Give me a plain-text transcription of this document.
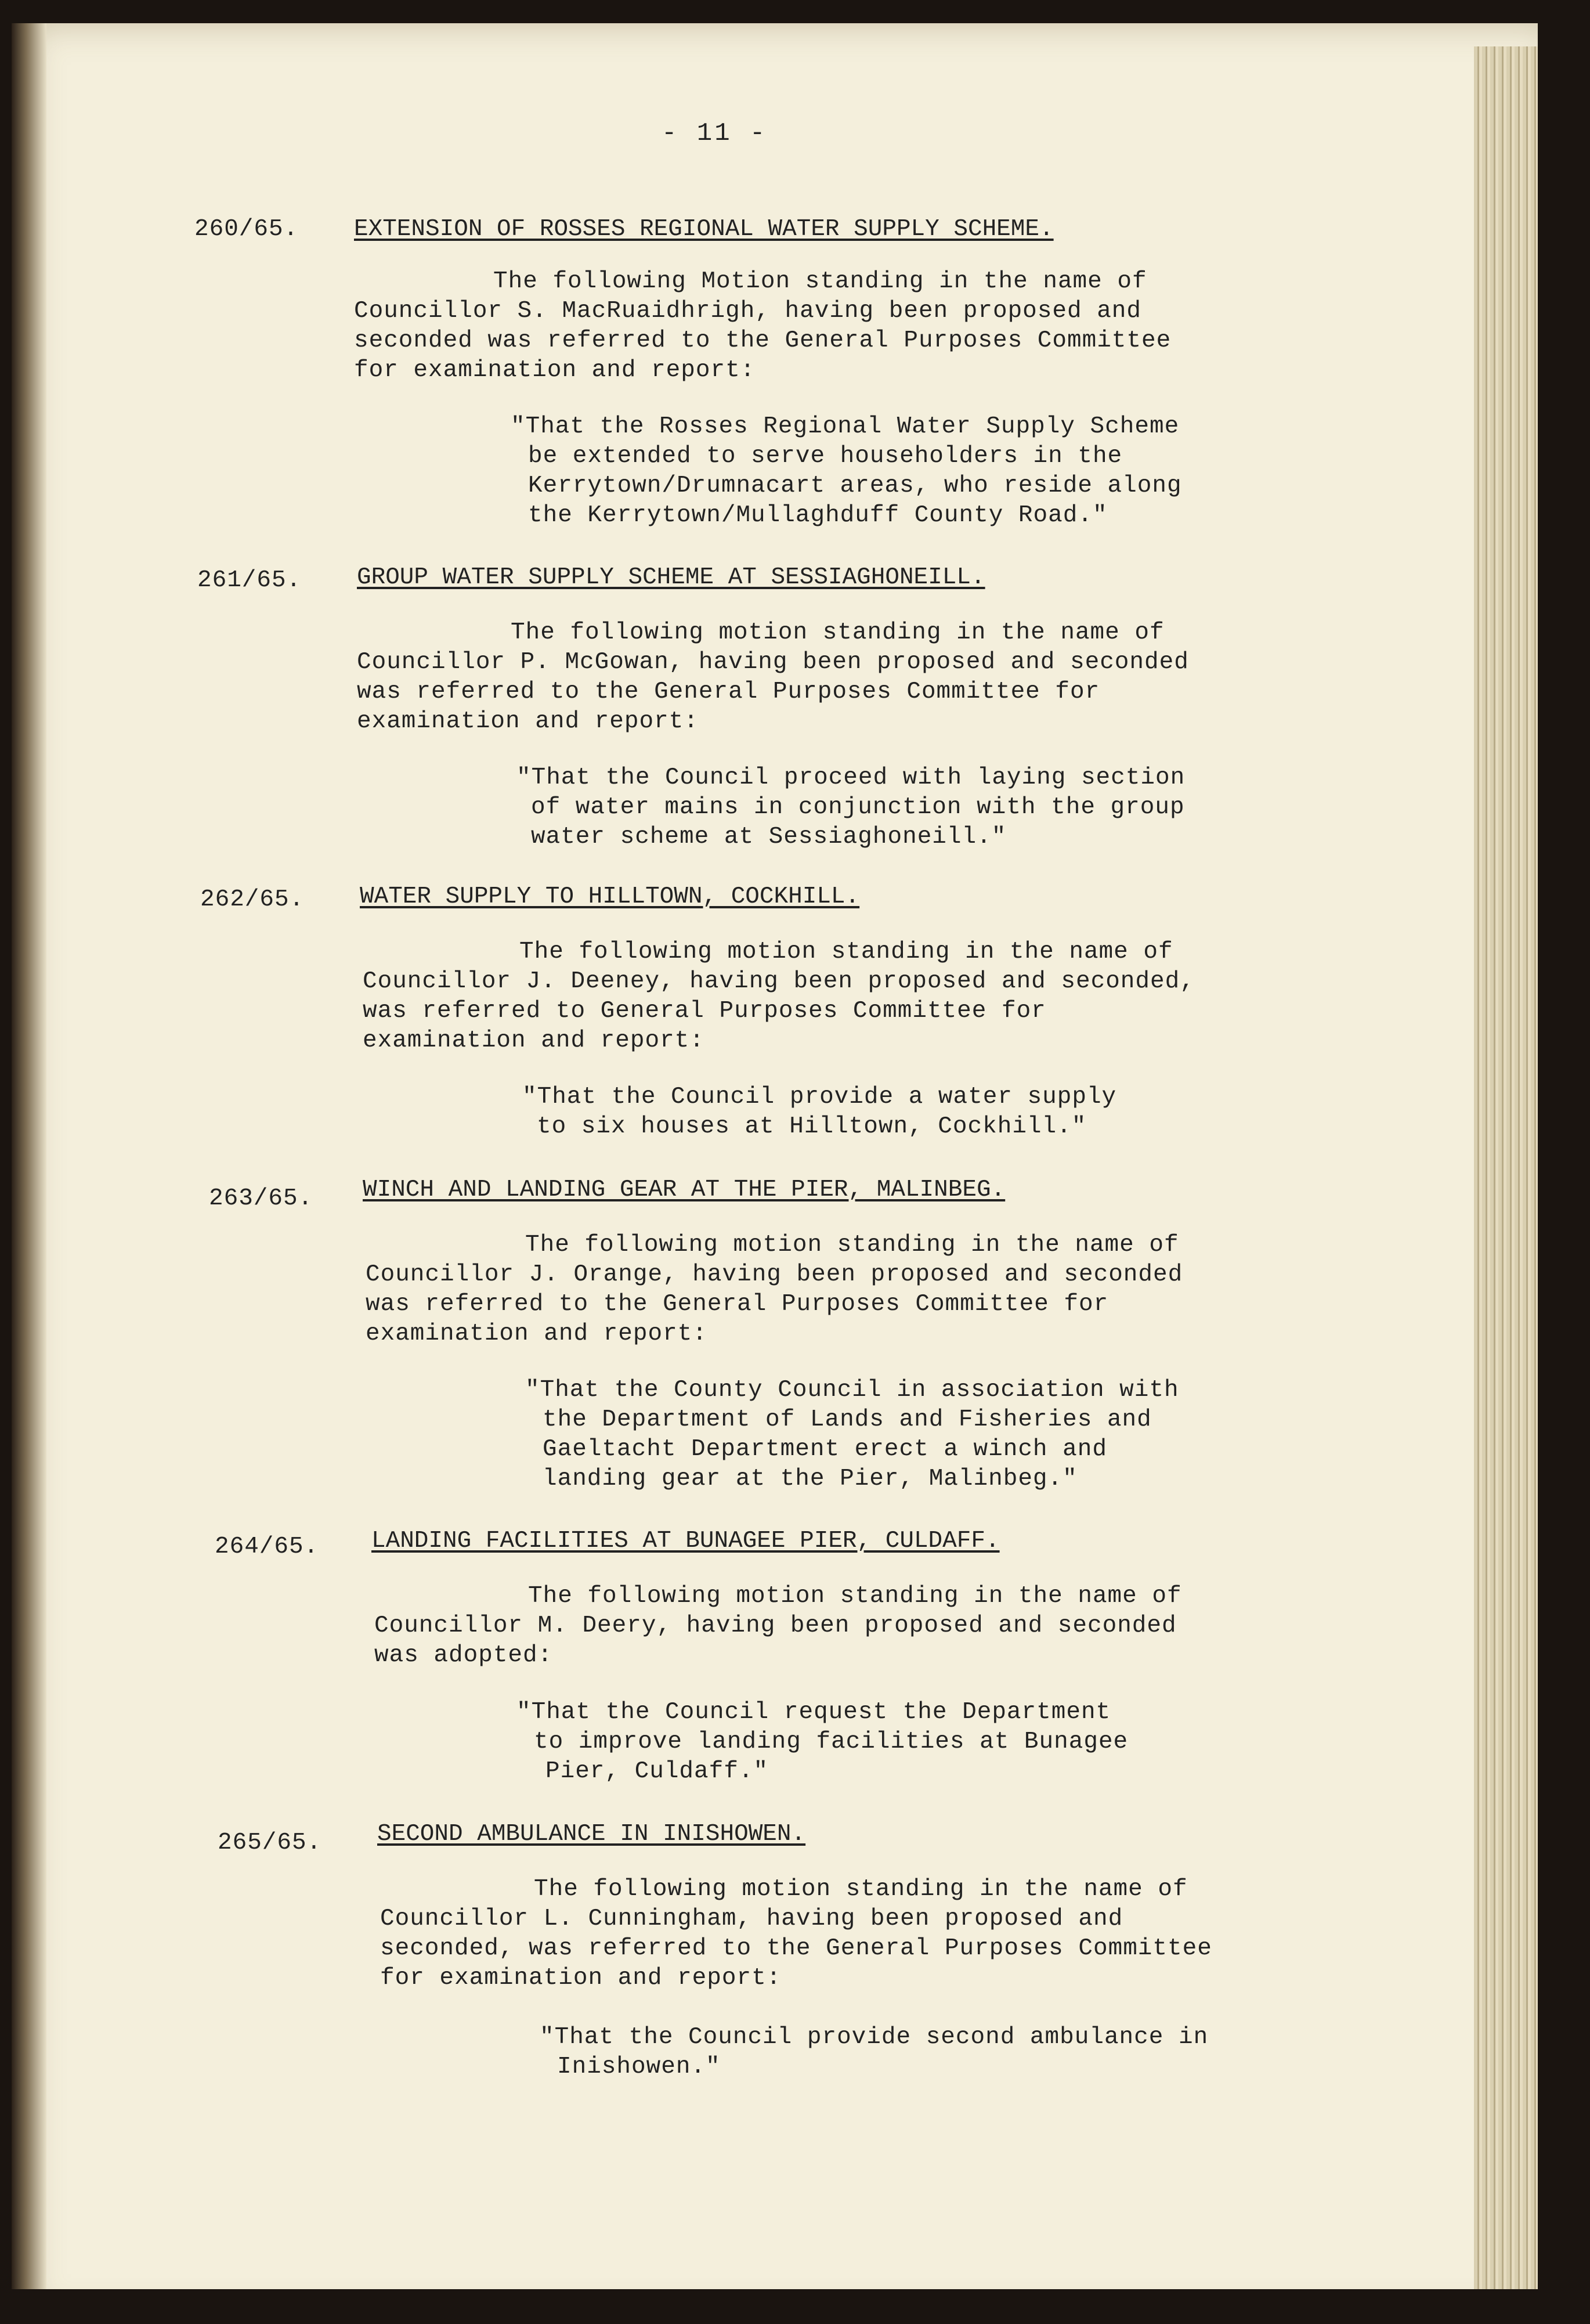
- 11 -
260/65. EXTENSION OF ROSSES REGIONAL WATER SUPPLY SCHEME.
The following Motion standing in the name of
Councillor S. MacRuaidhrigh, having been proposed and
seconded was referred to the General Purposes Committee
for examination and report:
"That the Rosses Regional Water Supply Scheme
be extended to serve householders in the
Kerrytown/Drumnacart areas, who reside along
the Kerrytown/Mullaghduff County Road."
261/65. GROUP WATER SUPPLY SCHEME AT SESSIAGHONEILL.
The following motion standing in the name of
Councillor P. McGowan, having been proposed and seconded
was referred to the General Purposes Committee for
examination and report:
"That the Council proceed with laying section
of water mains in conjunction with the group
water scheme at Sessiaghoneill."
262/65. WATER SUPPLY TO HILLTOWN, COCKHILL.
The following motion standing in the name of
Councillor J. Deeney, having been proposed and seconded,
was referred to General Purposes Committee for
examination and report:
"That the Council provide a water supply
to six houses at Hilltown, Cockhill."
263/65. WINCH AND LANDING GEAR AT THE PIER, MALINBEG.
The following motion standing in the name of
Councillor J. Orange, having been proposed and seconded
was referred to the General Purposes Committee for
examination and report:
"That the County Council in association with
the Department of Lands and Fisheries and
Gaeltacht Department erect a winch and
landing gear at the Pier, Malinbeg."
264/65. LANDING FACILITIES AT BUNAGEE PIER, CULDAFF.
The following motion standing in the name of
Councillor M. Deery, having been proposed and seconded
was adopted:
"That the Council request the Department
to improve landing facilities at Bunagee
Pier, Culdaff."
265/65. SECOND AMBULANCE IN INISHOWEN.
The following motion standing in the name of
Councillor L. Cunningham, having been proposed and
seconded, was referred to the General Purposes Committee
for examination and report:
"That the Council provide second ambulance in
Inishowen."
